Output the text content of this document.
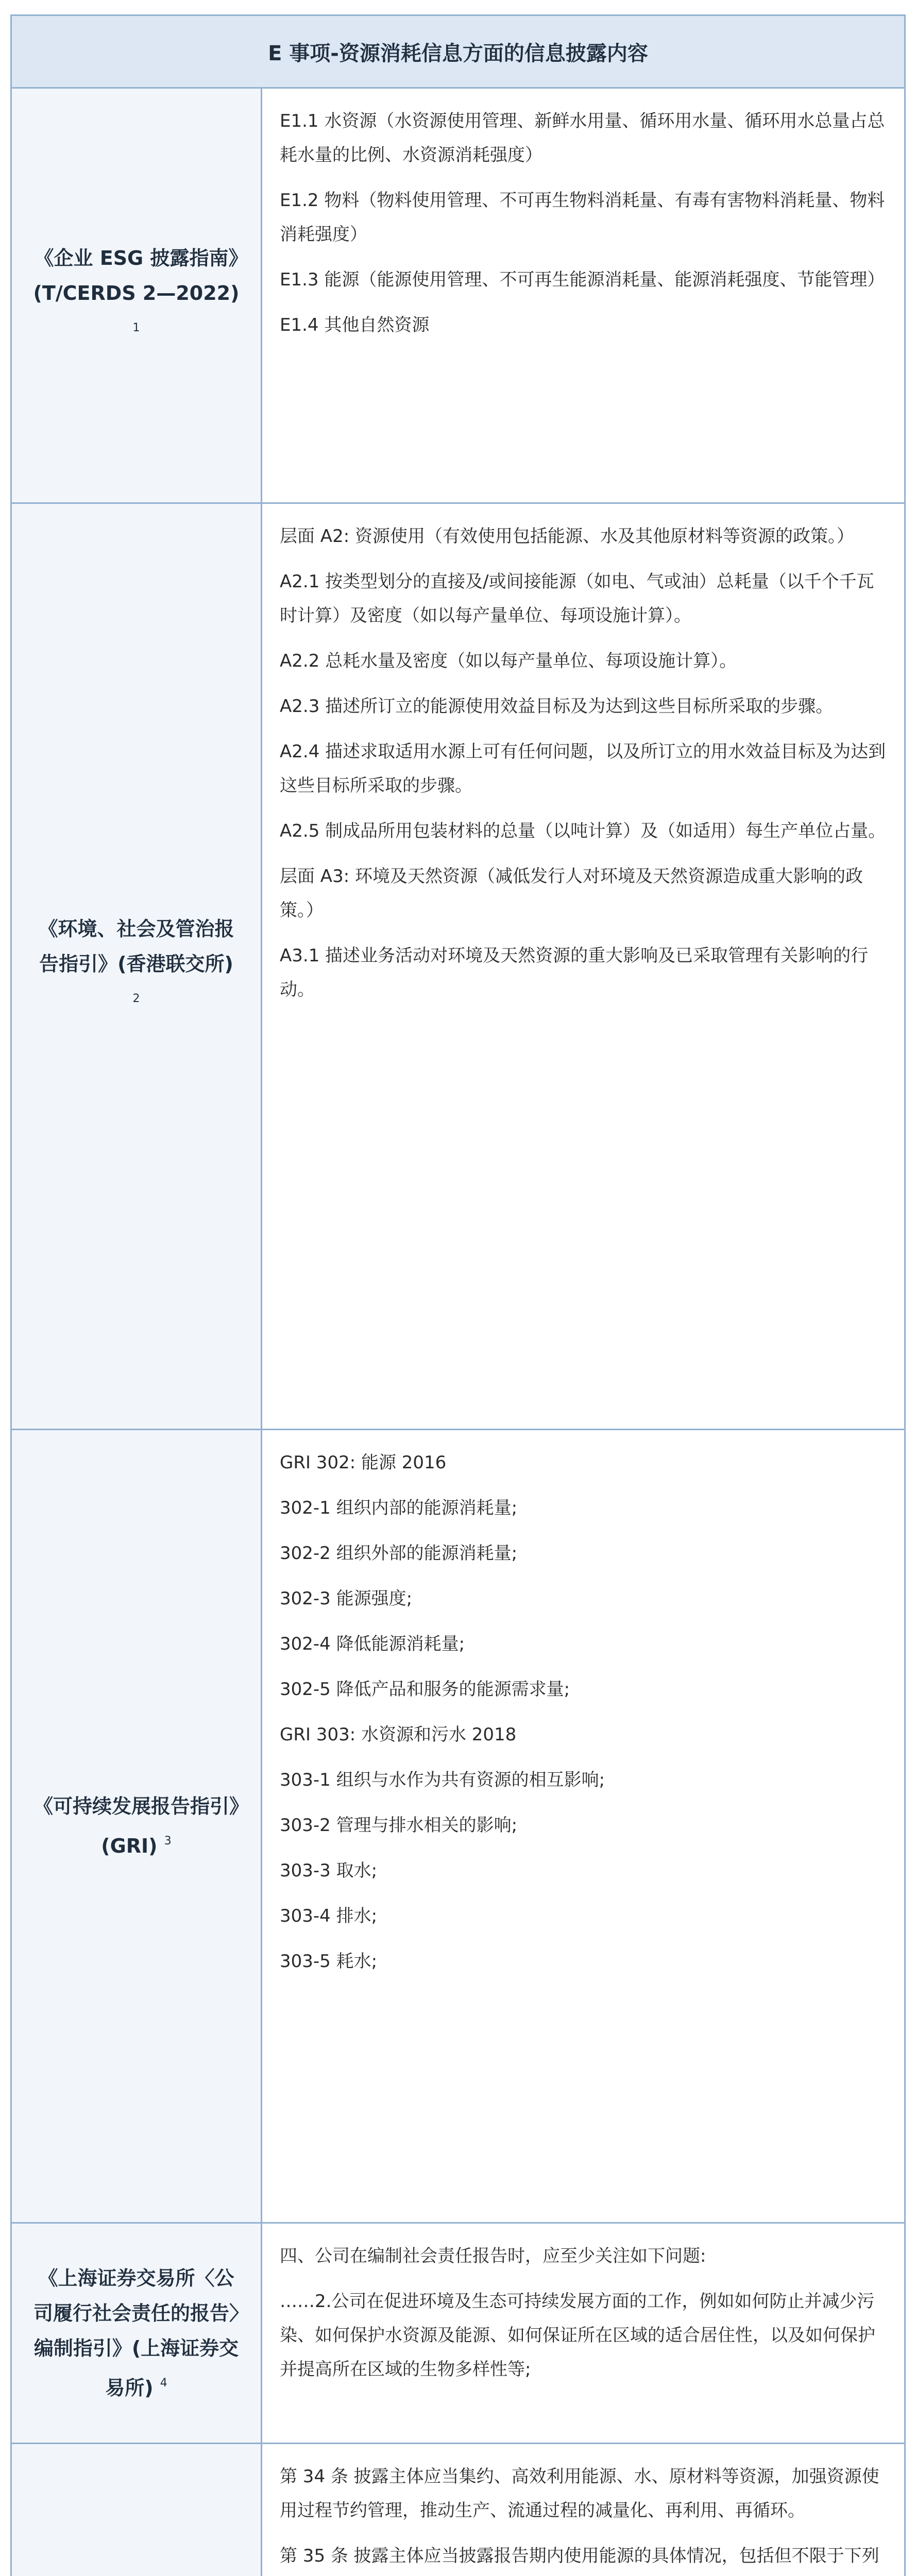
E 事项-资源消耗信息方面的信息披露内容
《企业 ESG 披露指南》(T/CERDS 2—2022) $^1$

E1.1 水资源（水资源使用管理、新鲜水用量、循环用水量、循环用水总量占总耗水量的比例、水资源消耗强度）

E1.2 物料（物料使用管理、不可再生物料消耗量、有毒有害物料消耗量、物料消耗强度）

E1.3 能源（能源使用管理、不可再生能源消耗量、能源消耗强度、节能管理）

E1.4 其他自然资源

《环境、社会及管治报告指引》(香港联交所) $^2$

层面 A2: 资源使用（有效使用包括能源、水及其他原材料等资源的政策。）

A2.1 按类型划分的直接及/或间接能源（如电、气或油）总耗量（以千个千瓦时计算）及密度（如以每产量单位、每项设施计算）。

A2.2 总耗水量及密度（如以每产量单位、每项设施计算）。

A2.3 描述所订立的能源使用效益目标及为达到这些目标所采取的步骤。

A2.4 描述求取适用水源上可有任何问题，以及所订立的用水效益目标及为达到这些目标所采取的步骤。

A2.5 制成品所用包装材料的总量（以吨计算）及（如适用）每生产单位占量。

层面 A3: 环境及天然资源（减低发行人对环境及天然资源造成重大影响的政策。）

A3.1 描述业务活动对环境及天然资源的重大影响及已采取管理有关影响的行动。

《可持续发展报告指引》(GRI) $^3$

GRI 302: 能源 2016

302-1 组织内部的能源消耗量;

302-2 组织外部的能源消耗量;

302-3 能源强度;

302-4 降低能源消耗量;

302-5 降低产品和服务的能源需求量;

GRI 303: 水资源和污水 2018

303-1 组织与水作为共有资源的相互影响;

303-2 管理与排水相关的影响;

303-3 取水;

303-4 排水;

303-5 耗水;

《上海证券交易所〈公司履行社会责任的报告〉编制指引》(上海证券交易所) $^4$

四、公司在编制社会责任报告时，应至少关注如下问题:

……2.公司在促进环境及生态可持续发展方面的工作，例如如何防止并减少污染、如何保护水资源及能源、如何保证所在区域的适合居住性，以及如何保护并提高所在区域的生物多样性等;

第 34 条 披露主体应当集约、高效利用能源、水、原材料等资源，加强资源使用过程节约管理，推动生产、流通过程的减量化、再利用、再循环。

第 35 条 披露主体应当披露报告期内使用能源的具体情况，包括但不限于下列
